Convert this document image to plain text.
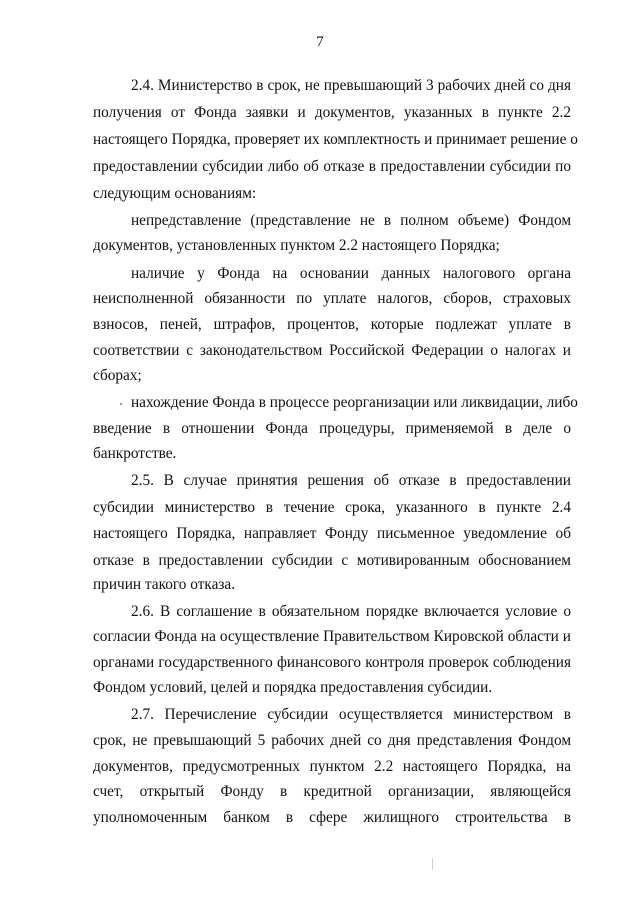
7
2.4. Министерство в срок, не превышающий 3 рабочих дней со дня
получения от Фонда заявки и документов, указанных в пункте 2.2
настоящего Порядка, проверяет их комплектность и принимает решение о
предоставлении субсидии либо об отказе в предоставлении субсидии по
следующим основаниям:
непредставление (представление не в полном объеме) Фондом
документов, установленных пунктом 2.2 настоящего Порядка;
наличие у Фонда на основании данных налогового органа
неисполненной обязанности по уплате налогов, сборов, страховых
взносов, пеней, штрафов, процентов, которые подлежат уплате в
соответствии с законодательством Российской Федерации о налогах и
сборах;
нахождение Фонда в процессе реорганизации или ликвидации, либо
введение в отношении Фонда процедуры, применяемой в деле о
банкротстве.
2.5. В случае принятия решения об отказе в предоставлении
субсидии министерство в течение срока, указанного в пункте 2.4
настоящего Порядка, направляет Фонду письменное уведомление об
отказе в предоставлении субсидии с мотивированным обоснованием
причин такого отказа.
2.6. В соглашение в обязательном порядке включается условие о
согласии Фонда на осуществление Правительством Кировской области и
органами государственного финансового контроля проверок соблюдения
Фондом условий, целей и порядка предоставления субсидии.
2.7. Перечисление субсидии осуществляется министерством в
срок, не превышающий 5 рабочих дней со дня представления Фондом
документов, предусмотренных пунктом 2.2 настоящего Порядка, на
счет, открытый Фонду в кредитной организации, являющейся
уполномоченным банком в сфере жилищного строительства в
